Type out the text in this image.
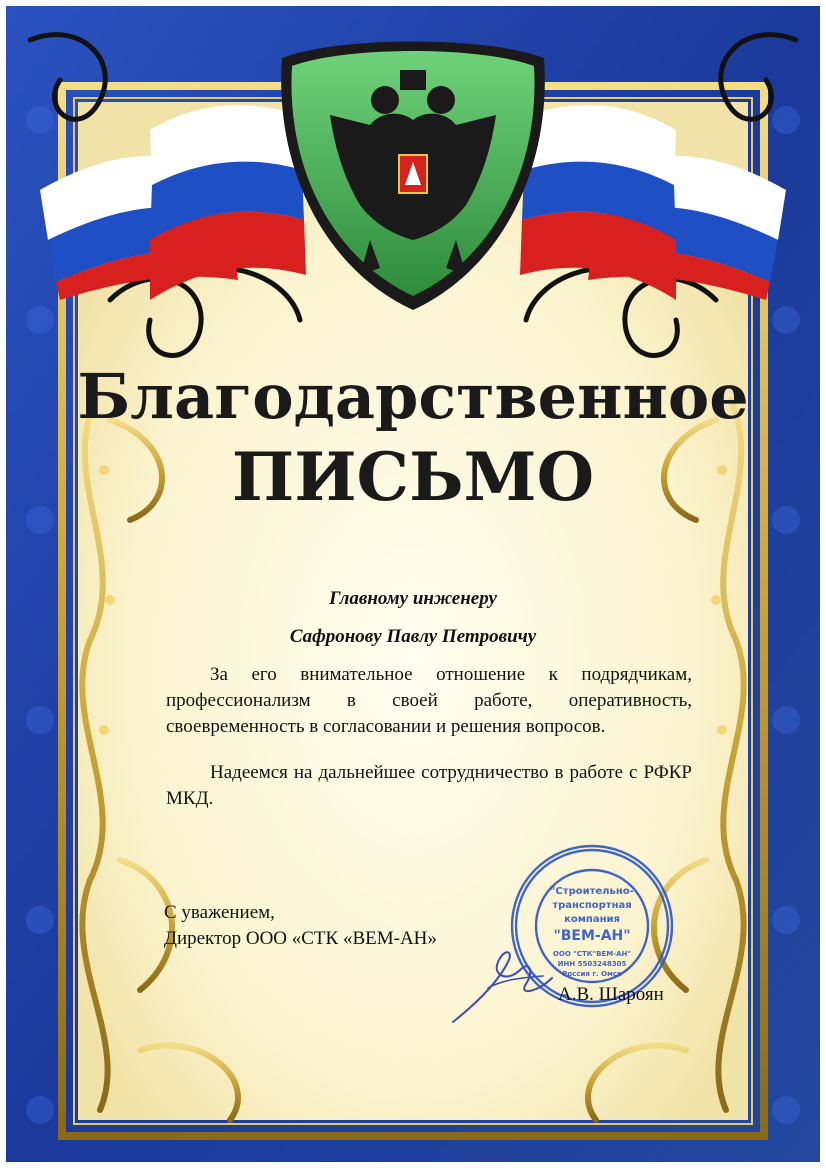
Благодарственное
ПИСЬМО
Главному инженеру
Сафронову Павлу Петровичу

За его внимательное отношение к подрядчикам, профессионализм в своей работе, оперативность, своевременность в согласовании и решения вопросов.

Надеемся на дальнейшее сотрудничество в работе с РФКР МКД.

С уважением,
Директор ООО «СТК «ВЕМ-АН»
"Строительно-
транспортная
компания
"ВЕМ-АН"
ООО "СТК"ВЕМ-АН"
ИНН 5503248305
Россия г. Омск
А.В. Шароян
